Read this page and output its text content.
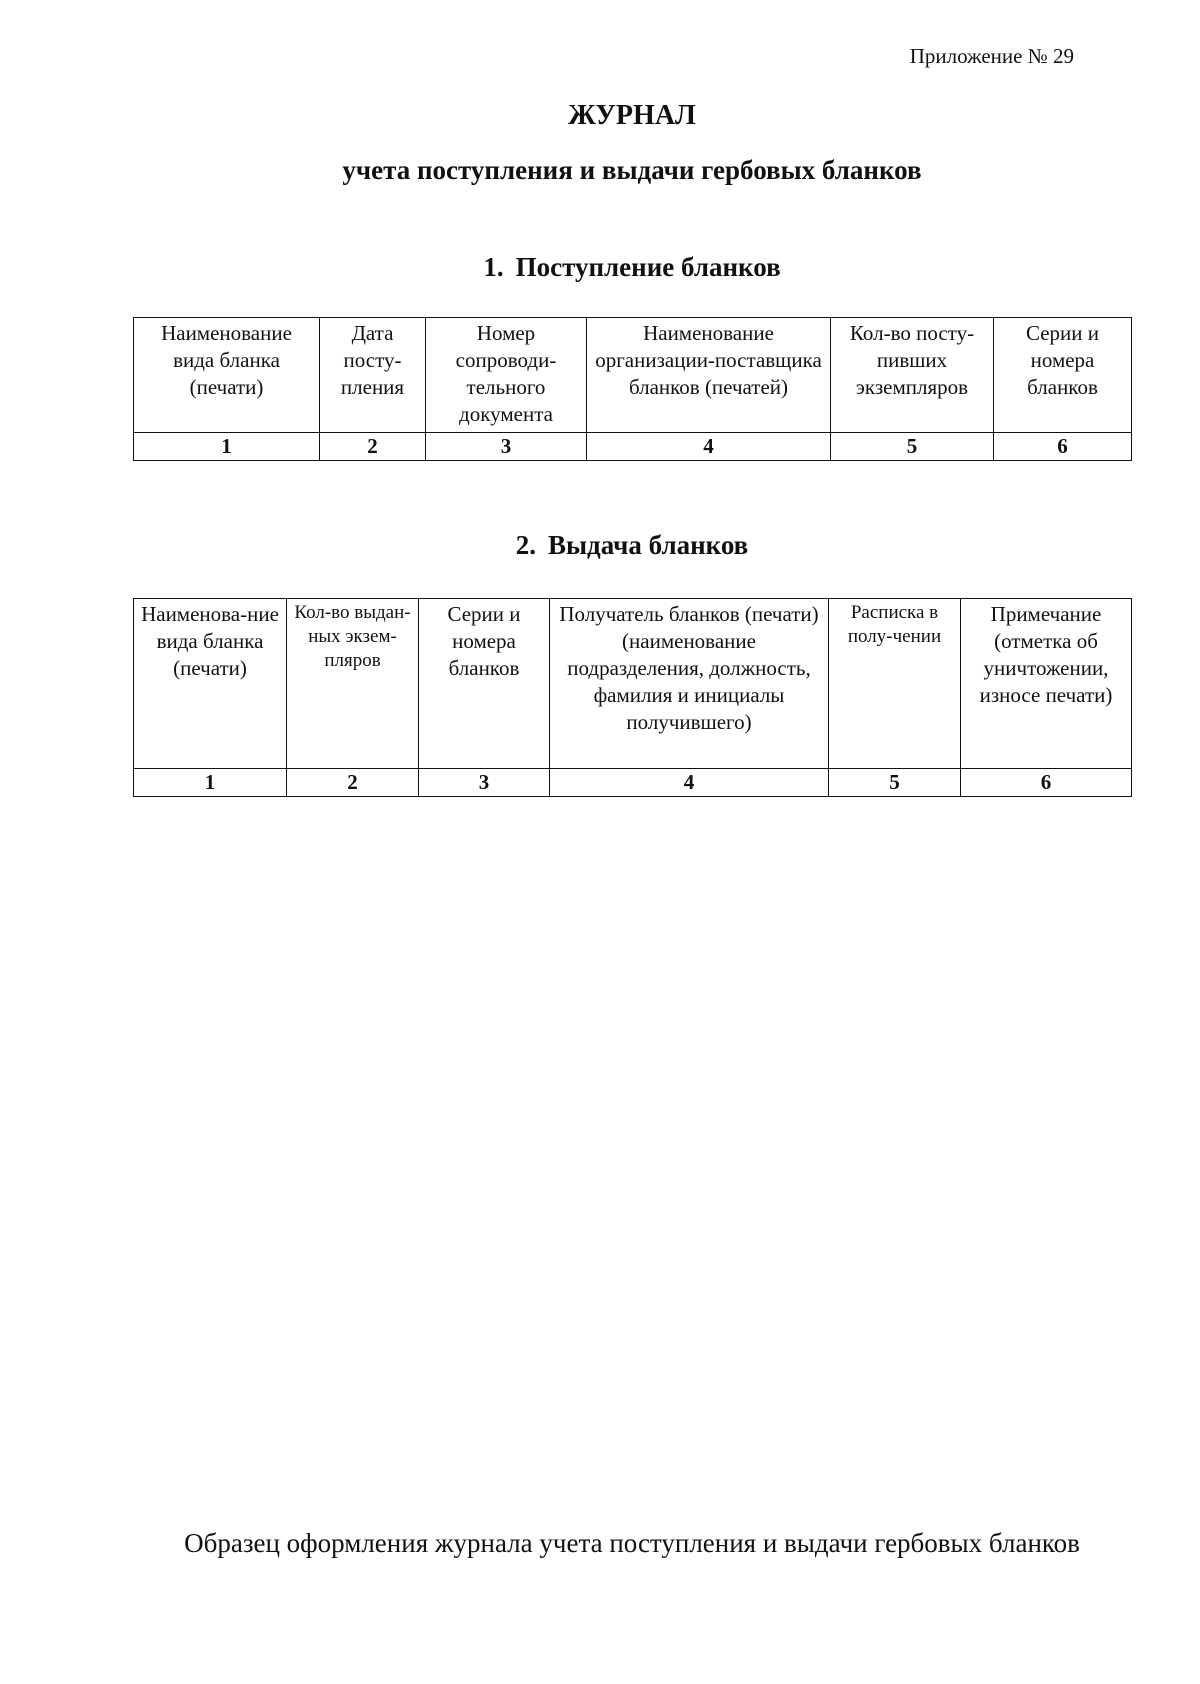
Приложение № 29
ЖУРНАЛ
учета поступления и выдачи гербовых бланков
1. Поступление бланков
Наименование вида бланка (печати)	Дата посту-пления	Номер сопроводи-тельного документа	Наименование организации-поставщика бланков (печатей)	Кол-во посту-пивших экземпляров	Серии и номера бланков
1	2	3	4	5	6
2. Выдача бланков
Наименова-ние вида бланка (печати)	Кол-во выдан-ных экзем-пляров	Серии и номера бланков	Получатель бланков (печати) (наименование подразделения, должность, фамилия и инициалы получившего)	Расписка в полу-чении	Примечание (отметка об уничтожении, износе печати)
1	2	3	4	5	6
Образец оформления журнала учета поступления и выдачи гербовых бланков
